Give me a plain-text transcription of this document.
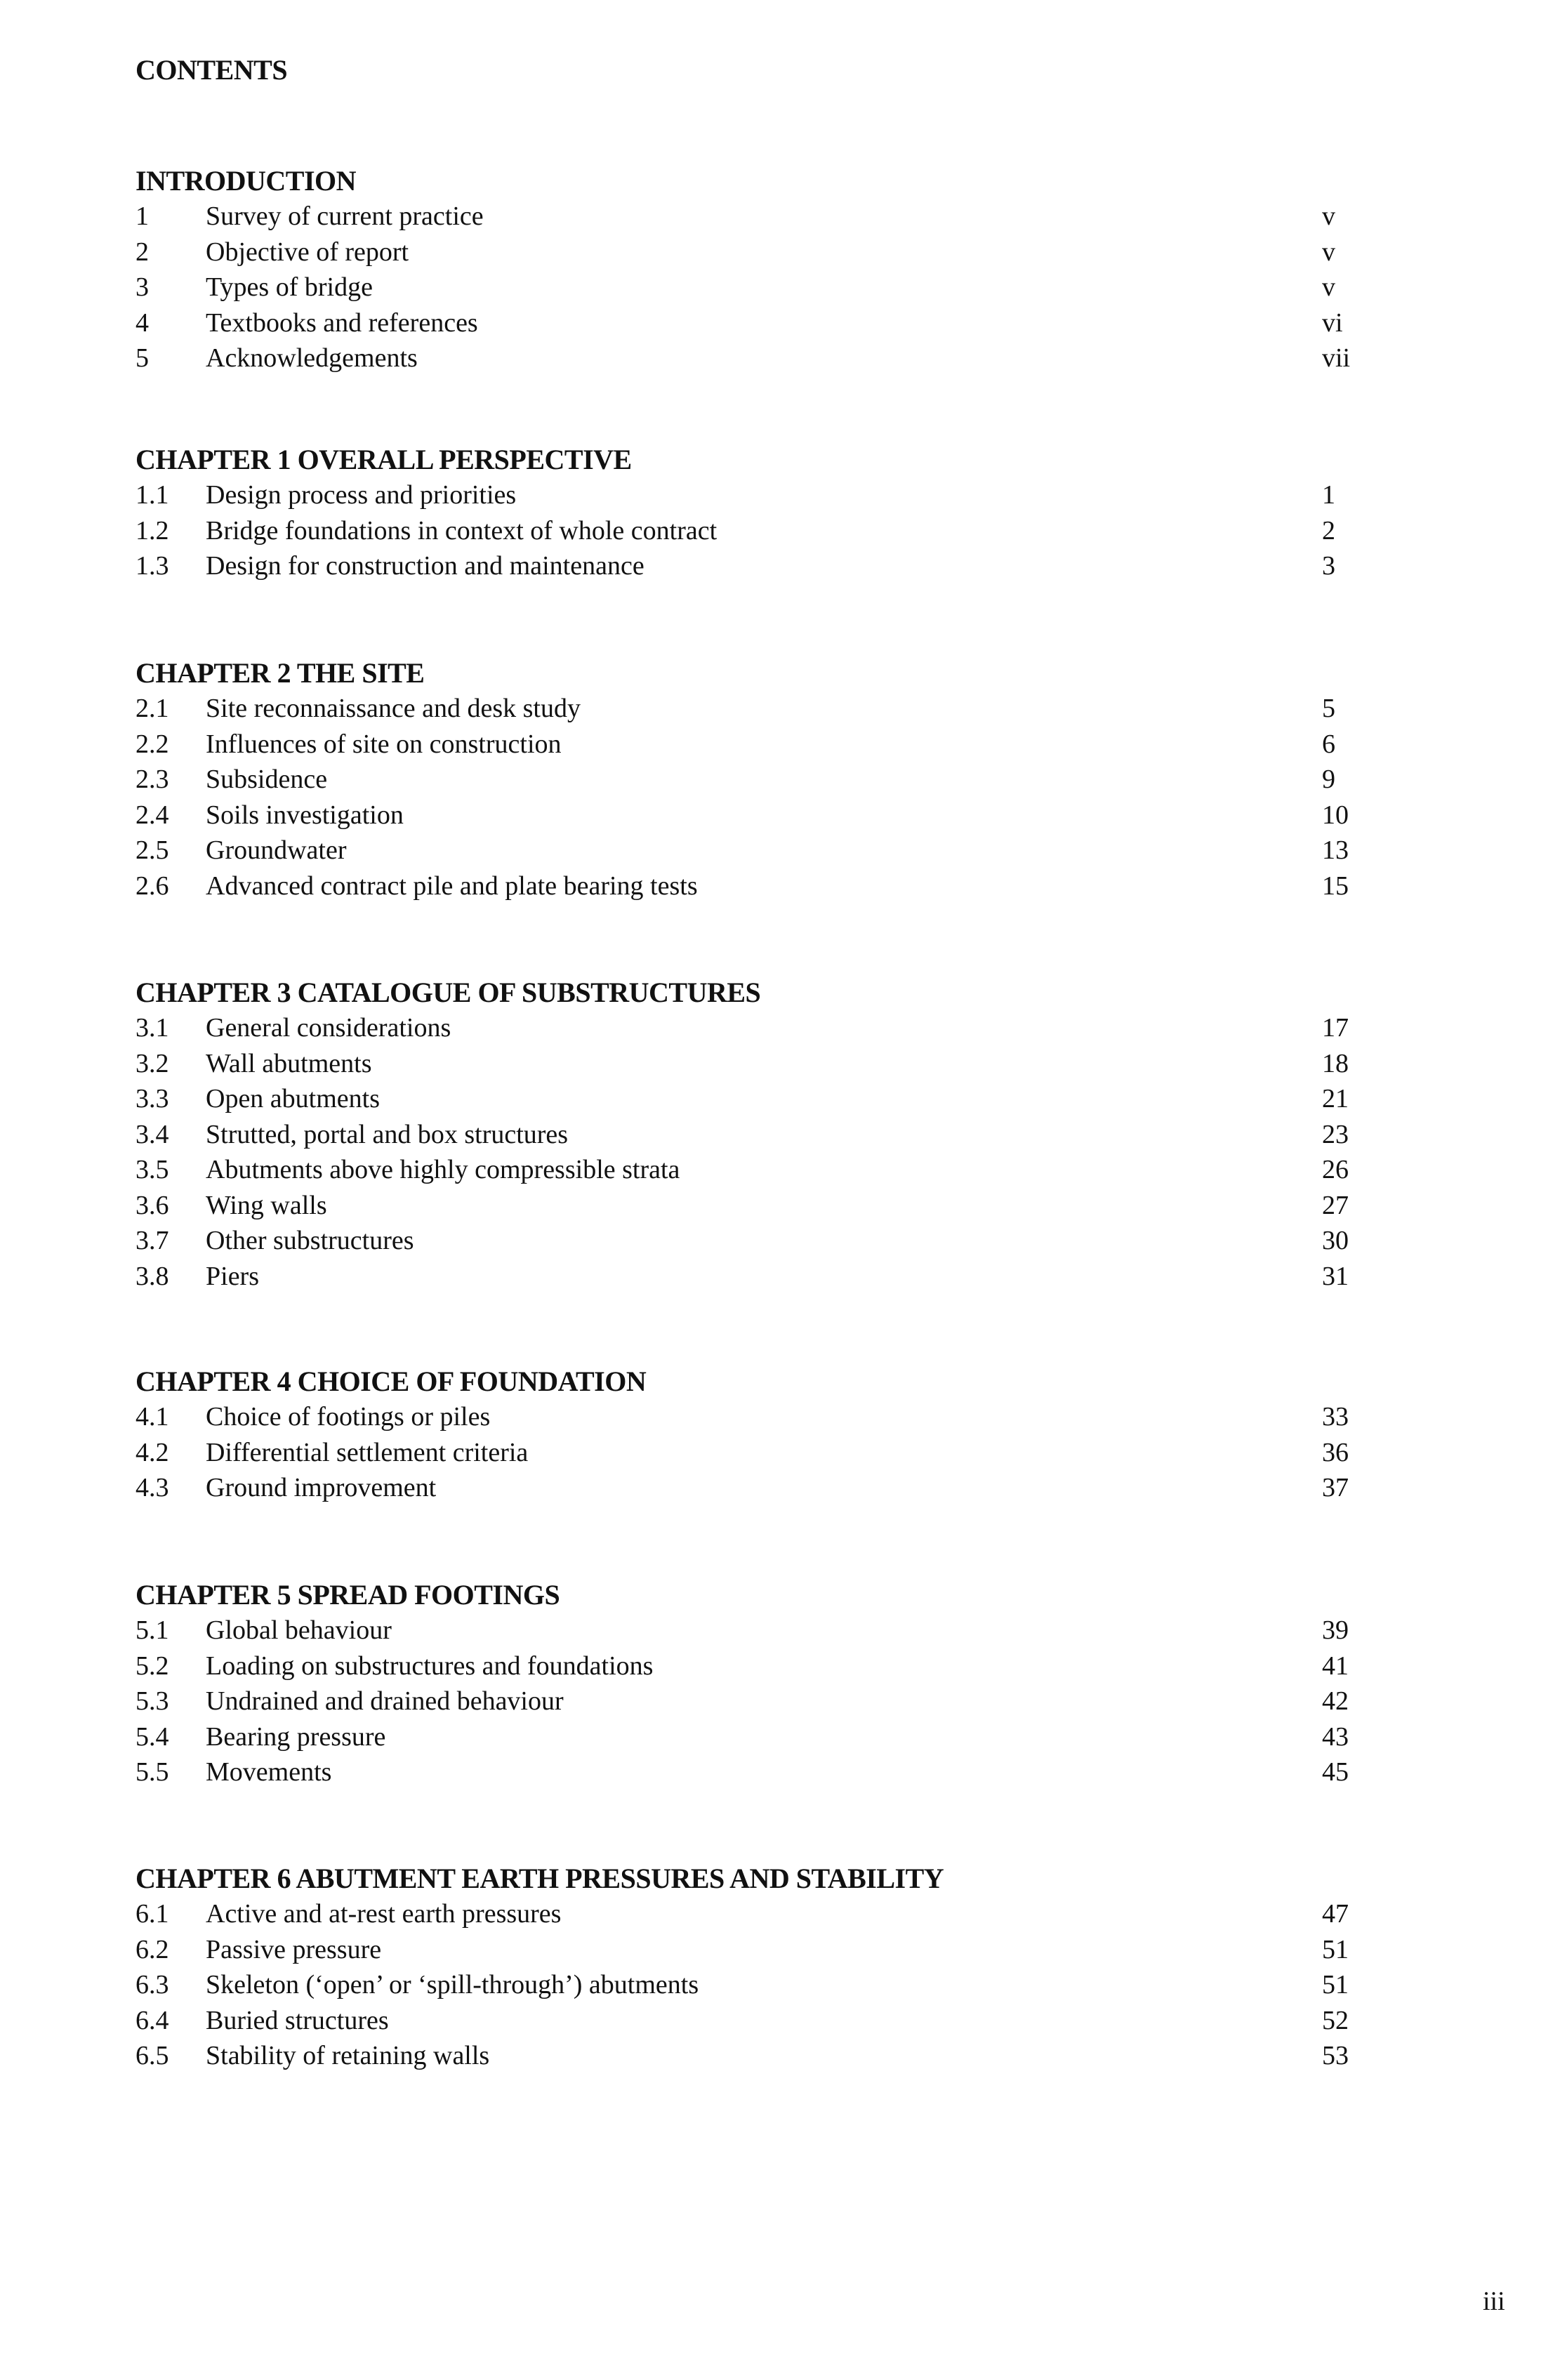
CONTENTS
INTRODUCTION
1 Survey of current practice	v
2 Objective of report	v
3 Types of bridge	v
4 Textbooks and references	vi
5 Acknowledgements	vii
CHAPTER 1 OVERALL PERSPECTIVE
1.1 Design process and priorities	1
1.2 Bridge foundations in context of whole contract	2
1.3 Design for construction and maintenance	3
CHAPTER 2 THE SITE
2.1 Site reconnaissance and desk study	5
2.2 Influences of site on construction	6
2.3 Subsidence	9
2.4 Soils investigation	10
2.5 Groundwater	13
2.6 Advanced contract pile and plate bearing tests	15
CHAPTER 3 CATALOGUE OF SUBSTRUCTURES
3.1 General considerations	17
3.2 Wall abutments	18
3.3 Open abutments	21
3.4 Strutted, portal and box structures	23
3.5 Abutments above highly compressible strata	26
3.6 Wing walls	27
3.7 Other substructures	30
3.8 Piers	31
CHAPTER 4 CHOICE OF FOUNDATION
4.1 Choice of footings or piles	33
4.2 Differential settlement criteria	36
4.3 Ground improvement	37
CHAPTER 5 SPREAD FOOTINGS
5.1 Global behaviour	39
5.2 Loading on substructures and foundations	41
5.3 Undrained and drained behaviour	42
5.4 Bearing pressure	43
5.5 Movements	45
CHAPTER 6 ABUTMENT EARTH PRESSURES AND STABILITY
6.1 Active and at-rest earth pressures	47
6.2 Passive pressure	51
6.3 Skeleton (‘open’ or ‘spill-through’) abutments	51
6.4 Buried structures	52
6.5 Stability of retaining walls	53
iii
